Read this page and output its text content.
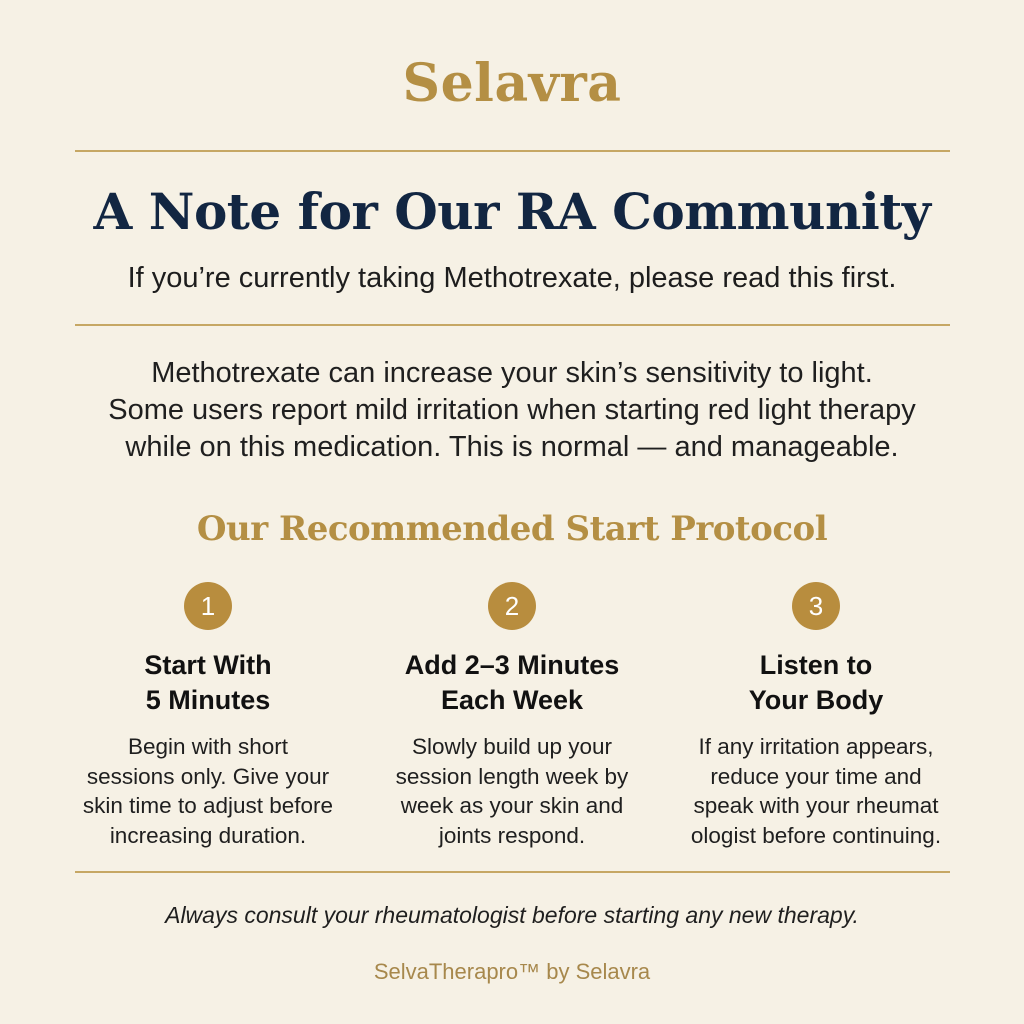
Selavra
A Note for Our RA Community
If you’re currently taking Methotrexate, please read this first.
Methotrexate can increase your skin’s sensitivity to light.
Some users report mild irritation when starting red light therapy
while on this medication. This is normal — and manageable.
Our Recommended Start Protocol
1
Start With
5 Minutes
Begin with short
sessions only. Give your
skin time to adjust before
increasing duration.
2
Add 2–3 Minutes
Each Week
Slowly build up your
session length week by
week as your skin and
joints respond.
3
Listen to
Your Body
If any irritation appears,
reduce your time and
speak with your rheumat
ologist before continuing.
Always consult your rheumatologist before starting any new therapy.
SelvaTherapro™ by Selavra
